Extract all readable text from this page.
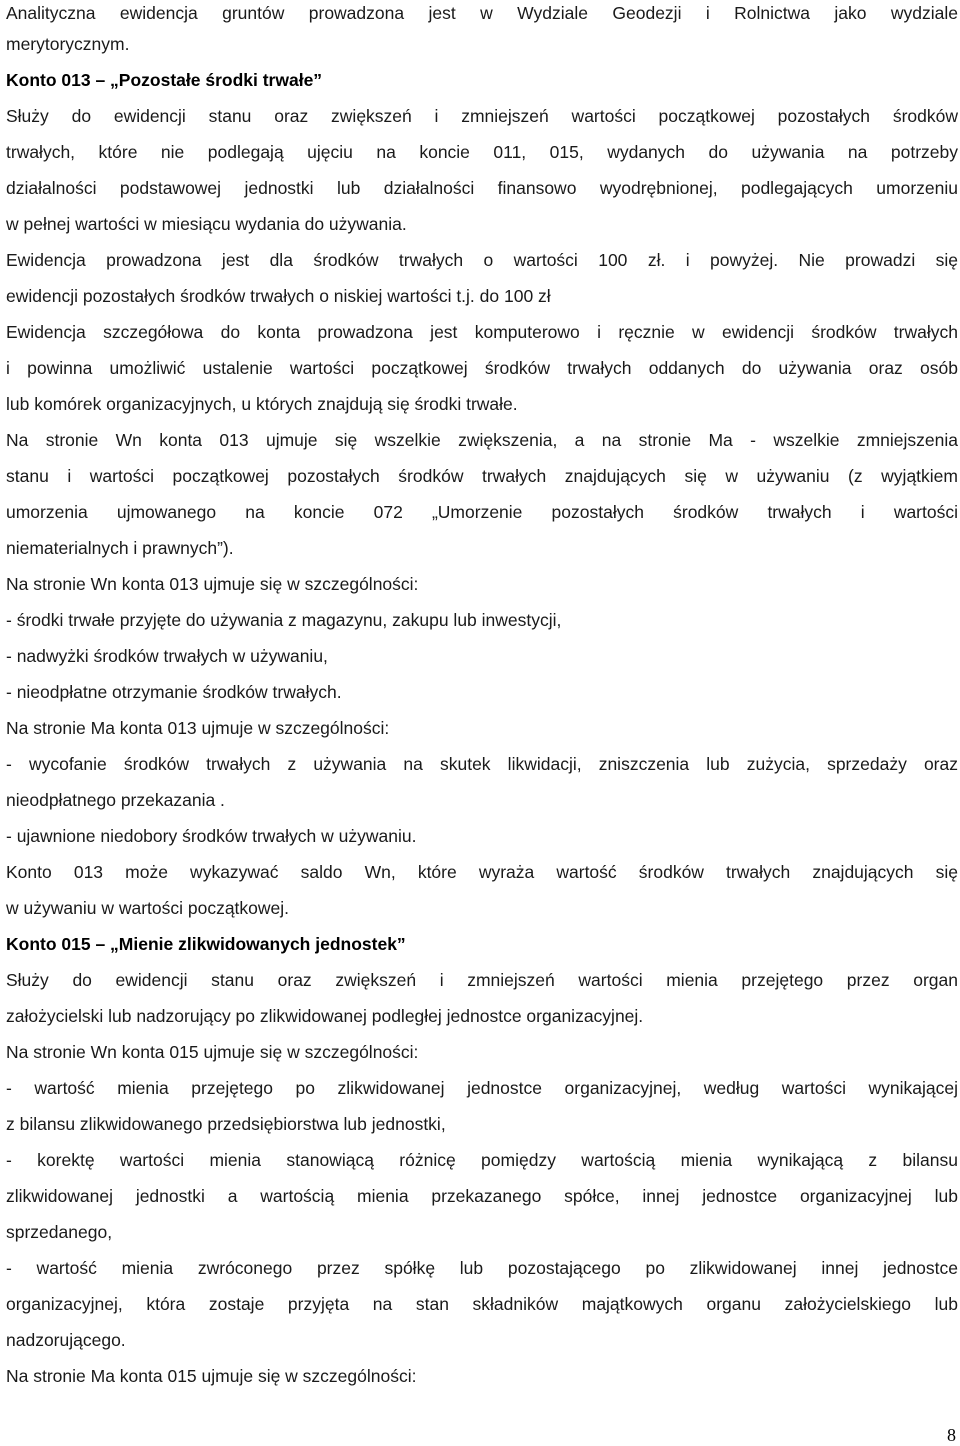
Analityczna ewidencja gruntów prowadzona jest w Wydziale Geodezji i Rolnictwa jako wydziale
merytorycznym.
Konto 013 – „Pozostałe środki trwałe”
Służy do ewidencji stanu oraz zwiększeń i zmniejszeń wartości początkowej pozostałych środków
trwałych, które nie podlegają ujęciu na koncie 011, 015, wydanych do używania na potrzeby
działalności podstawowej jednostki lub działalności finansowo wyodrębnionej, podlegających umorzeniu
w pełnej wartości w miesiącu wydania do używania.
Ewidencja prowadzona jest dla środków trwałych o wartości 100 zł. i powyżej. Nie prowadzi się
ewidencji pozostałych środków trwałych o niskiej wartości t.j. do 100 zł
Ewidencja szczegółowa do konta prowadzona jest komputerowo i ręcznie w ewidencji środków trwałych
i powinna umożliwić ustalenie wartości początkowej środków trwałych oddanych do używania oraz osób
lub komórek organizacyjnych, u których znajdują się środki trwałe.
Na stronie Wn konta 013 ujmuje się wszelkie zwiększenia, a na stronie Ma - wszelkie zmniejszenia
stanu i wartości początkowej pozostałych środków trwałych znajdujących się w używaniu (z wyjątkiem
umorzenia ujmowanego na koncie 072 „Umorzenie pozostałych środków trwałych i wartości
niematerialnych i prawnych”).
Na stronie Wn konta 013 ujmuje się w szczególności:
- środki trwałe przyjęte do używania z magazynu, zakupu lub inwestycji,
- nadwyżki środków trwałych w używaniu,
- nieodpłatne otrzymanie środków trwałych.
Na stronie Ma konta 013 ujmuje w szczególności:
- wycofanie środków trwałych z używania na skutek likwidacji, zniszczenia lub zużycia, sprzedaży oraz
nieodpłatnego przekazania .
- ujawnione niedobory środków trwałych w używaniu.
Konto 013 może wykazywać saldo Wn, które wyraża wartość środków trwałych znajdujących się
w używaniu w wartości początkowej.
Konto 015 – „Mienie zlikwidowanych jednostek”
Służy do ewidencji stanu oraz zwiększeń i zmniejszeń wartości mienia przejętego przez organ
założycielski lub nadzorujący po zlikwidowanej podległej jednostce organizacyjnej.
Na stronie Wn konta 015 ujmuje się w szczególności:
- wartość mienia przejętego po zlikwidowanej jednostce organizacyjnej, według wartości wynikającej
z bilansu zlikwidowanego przedsiębiorstwa lub jednostki,
- korektę wartości mienia stanowiącą różnicę pomiędzy wartością mienia wynikającą z bilansu
zlikwidowanej jednostki a wartością mienia przekazanego spółce, innej jednostce organizacyjnej lub
sprzedanego,
- wartość mienia zwróconego przez spółkę lub pozostającego po zlikwidowanej innej jednostce
organizacyjnej, która zostaje przyjęta na stan składników majątkowych organu założycielskiego lub
nadzorującego.
Na stronie Ma konta 015 ujmuje się w szczególności:
8
